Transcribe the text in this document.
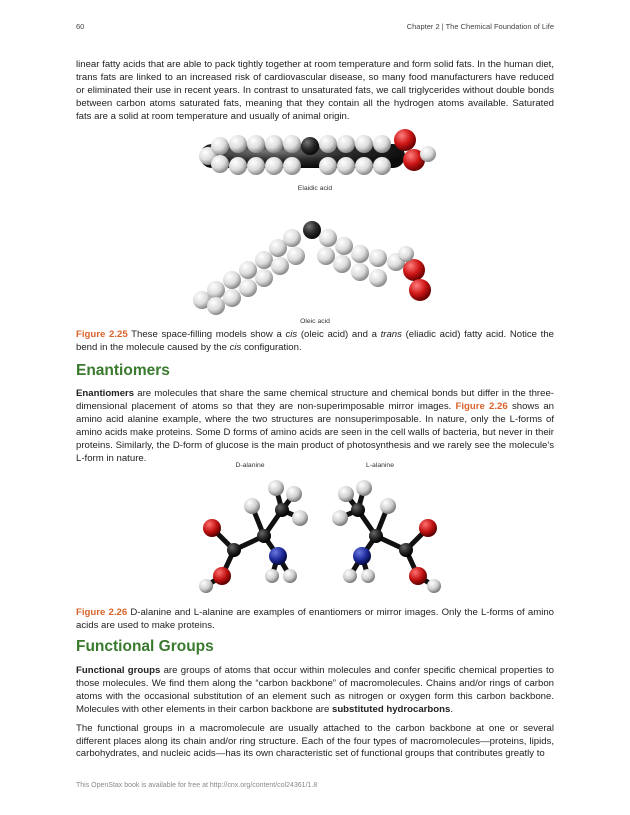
60	Chapter 2 | The Chemical Foundation of Life

linear fatty acids that are able to pack tightly together at room temperature and form solid fats. In the human diet, trans fats are linked to an increased risk of cardiovascular disease, so many food manufacturers have reduced or eliminated their use in recent years. In contrast to unsaturated fats, we call triglycerides without double bonds between carbon atoms saturated fats, meaning that they contain all the hydrogen atoms available. Saturated fats are a solid at room temperature and usually of animal origin.

Elaidic acid
Oleic acid

Figure 2.25 These space-filling models show a cis (oleic acid) and a trans (eliadic acid) fatty acid. Notice the bend in the molecule caused by the cis configuration.

Enantiomers

Enantiomers are molecules that share the same chemical structure and chemical bonds but differ in the three-dimensional placement of atoms so that they are non-superimposable mirror images. Figure 2.26 shows an amino acid alanine example, where the two structures are nonsuperimposable. In nature, only the L-forms of amino acids make proteins. Some D forms of amino acids are seen in the cell walls of bacteria, but never in their proteins. Similarly, the D-form of glucose is the main product of photosynthesis and we rarely see the molecule's L-form in nature.

D-alanine	L-alanine

Figure 2.26 D-alanine and L-alanine are examples of enantiomers or mirror images. Only the L-forms of amino acids are used to make proteins.

Functional Groups

Functional groups are groups of atoms that occur within molecules and confer specific chemical properties to those molecules. We find them along the “carbon backbone” of macromolecules. Chains and/or rings of carbon atoms with the occasional substitution of an element such as nitrogen or oxygen form this carbon backbone. Molecules with other elements in their carbon backbone are substituted hydrocarbons.

The functional groups in a macromolecule are usually attached to the carbon backbone at one or several different places along its chain and/or ring structure. Each of the four types of macromolecules—proteins, lipids, carbohydrates, and nucleic acids—has its own characteristic set of functional groups that contributes greatly to

This OpenStax book is available for free at http://cnx.org/content/col24361/1.8
